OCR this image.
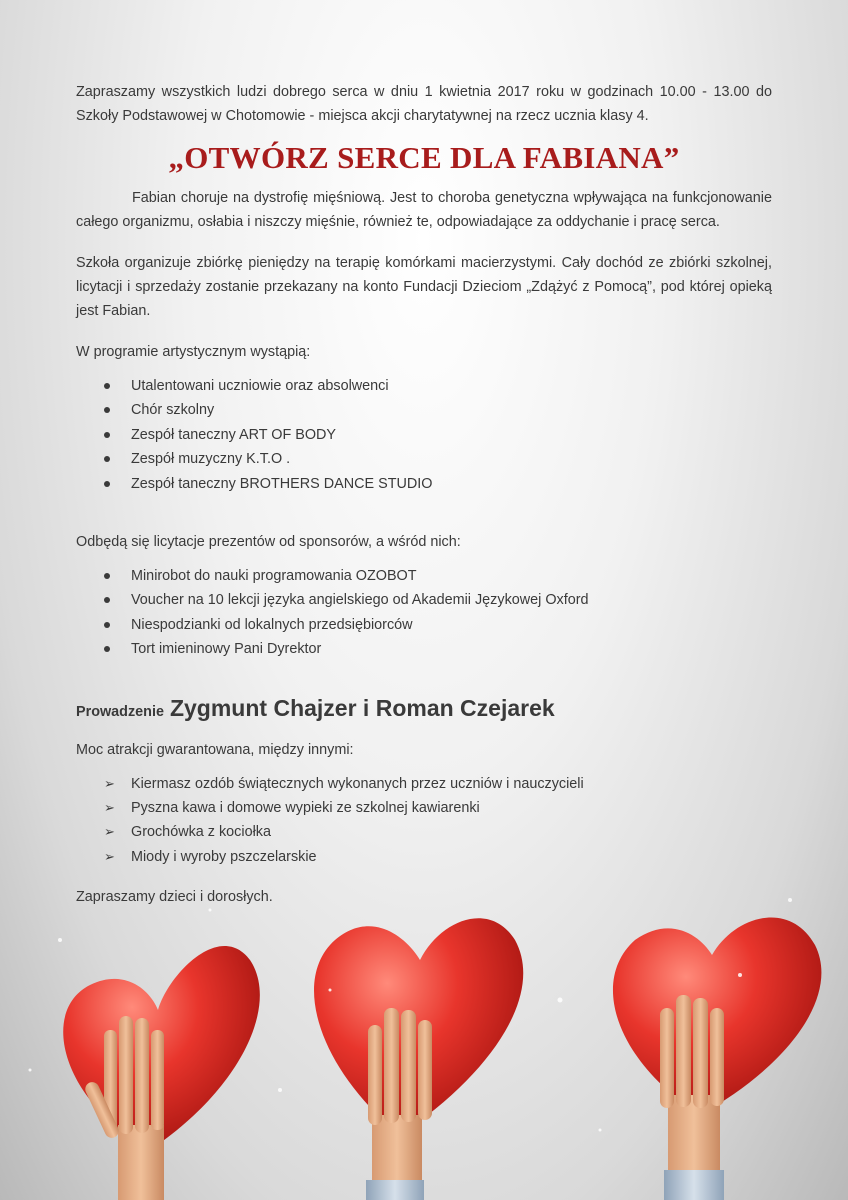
Zapraszamy wszystkich ludzi dobrego serca w dniu 1 kwietnia 2017 roku w godzinach 10.00 - 13.00 do Szkoły Podstawowej w Chotomowie - miejsca akcji charytatywnej na rzecz ucznia klasy 4.

„OTWÓRZ SERCE DLA FABIANA”

Fabian choruje na dystrofię mięśniową. Jest to choroba genetyczna wpływająca na funkcjonowanie całego organizmu, osłabia i niszczy mięśnie, również te, odpowiadające za oddychanie i pracę serca.

Szkoła organizuje zbiórkę pieniędzy na terapię komórkami macierzystymi. Cały dochód ze zbiórki szkolnej, licytacji i sprzedaży zostanie przekazany na konto Fundacji Dzieciom „Zdążyć z Pomocą”, pod której opieką jest Fabian.

W programie artystycznym wystąpią:

Utalentowani uczniowie oraz absolwenci
Chór szkolny
Zespół taneczny ART OF BODY
Zespół muzyczny K.T.O .
Zespół taneczny BROTHERS DANCE STUDIO

Odbędą się licytacje prezentów od sponsorów, a wśród nich:

Minirobot do nauki programowania OZOBOT
Voucher na 10 lekcji języka angielskiego od Akademii Językowej Oxford
Niespodzianki od lokalnych przedsiębiorców
Tort imieninowy Pani Dyrektor
Prowadzenie Zygmunt Chajzer i Roman Czejarek

Moc atrakcji gwarantowana, między innymi:

➢ Kiermasz ozdób świątecznych wykonanych przez uczniów i nauczycieli
➢ Pyszna kawa i domowe wypieki ze szkolnej kawiarenki
➢ Grochówka z kociołka
➢ Miody i wyroby pszczelarskie

Zapraszamy dzieci i dorosłych.
